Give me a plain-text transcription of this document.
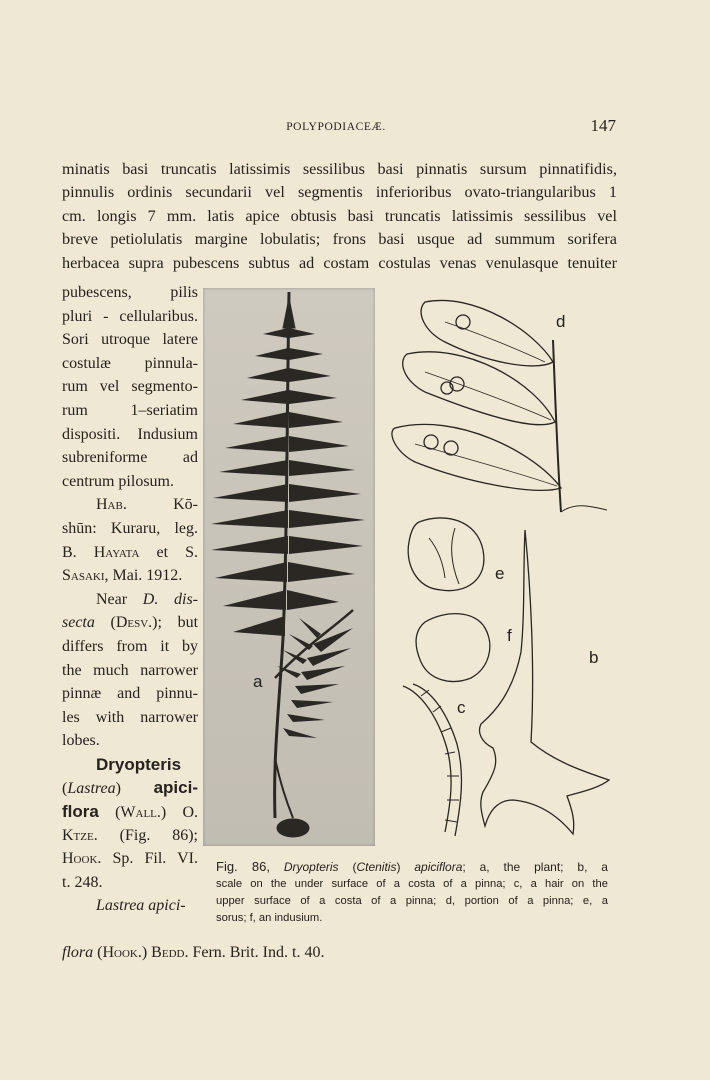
POLYPODIACEÆ.	147
minatis basi truncatis latissimis sessilibus basi pinnatis sursum pinnatifidis,
pinnulis ordinis secundarii vel segmentis inferioribus ovato-triangularibus 1
cm. longis 7 mm. latis apice obtusis basi truncatis latissimis sessilibus vel
breve petiolulatis margine lobulatis; frons basi usque ad summum sorifera
herbacea supra pubescens subtus ad costam costulas venas venulasque tenuiter
pubescens, pilis
pluri - cellularibus.
Sori utroque latere
costulæ pinnula-
rum vel segmento-
rum 1–seriatim
dispositi. Indusium
subreniforme ad
centrum pilosum.
Hab.	Kō-
shūn: Kuraru, leg.
B. Hayata et S.
Sasaki, Mai. 1912.
Near D. dis-
secta (Desv.); but
differs from it by
the much narrower
pinnæ and pinnu-
les with narrower
lobes.
Dryopteris
(Lastrea) apici-
flora (Wall.) O.
Ktze. (Fig. 86);
Hook. Sp. Fil. VI.
t. 248.
Lastrea apici-
flora (Hook.) Bedd. Fern. Brit. Ind. t. 40.
a
d
e
f
c
b
Fig. 86, Dryopteris (Ctenitis) apiciflora; a, the plant; b, a
scale on the under surface of a costa of a pinna; c, a hair on the
upper surface of a costa of a pinna; d, portion of a pinna; e, a
sorus; f, an indusium.
